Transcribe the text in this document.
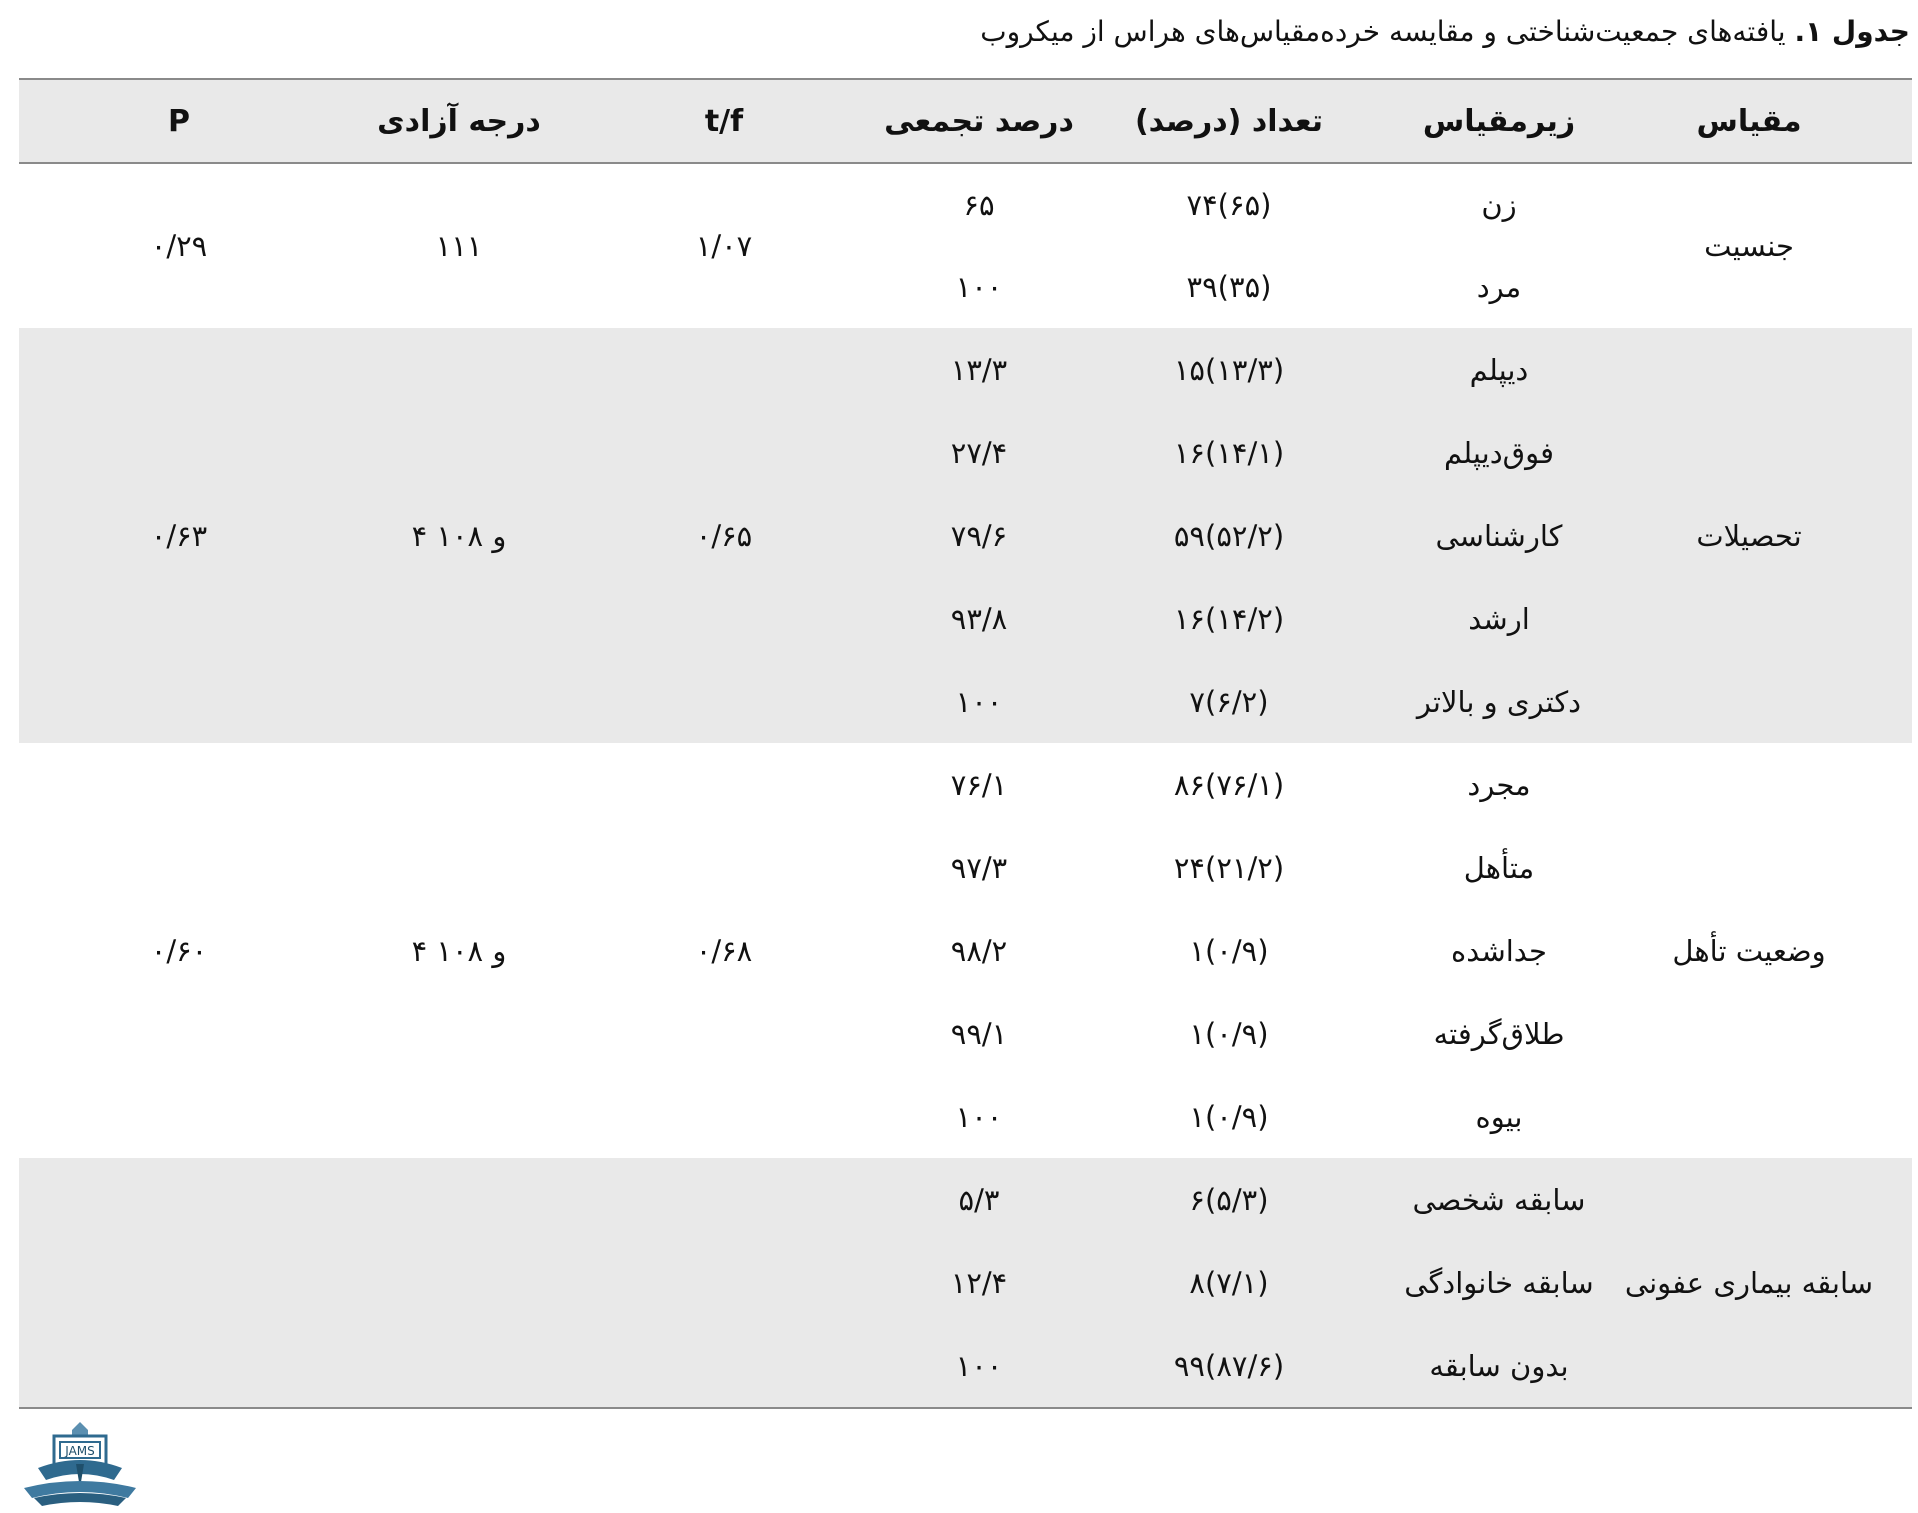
جدول ۱. یافته‌های جمعیت‌شناختی و مقایسه خرده‌مقیاس‌های هراس از میکروب
مقیاس
زیرمقیاس
تعداد (درصد)
درصد تجمعی
t/f
درجه آزادی
P
زن
۷۴(۶۵)
۶۵
مرد
۳۹(۳۵)
۱۰۰
جنسیت
۱/۰۷
۱۱۱
۰/۲۹
دیپلم
۱۵(۱۳/۳)
۱۳/۳
فوق‌دیپلم
۱۶(۱۴/۱)
۲۷/۴
کارشناسی
۵۹(۵۲/۲)
۷۹/۶
ارشد
۱۶(۱۴/۲)
۹۳/۸
دکتری و بالاتر
۷(۶/۲)
۱۰۰
تحصیلات
۰/۶۵
۴ و ۱۰۸
۰/۶۳
مجرد
۸۶(۷۶/۱)
۷۶/۱
متأهل
۲۴(۲۱/۲)
۹۷/۳
جداشده
۱(۰/۹)
۹۸/۲
طلاق‌گرفته
۱(۰/۹)
۹۹/۱
بیوه
۱(۰/۹)
۱۰۰
وضعیت تأهل
۰/۶۸
۴ و ۱۰۸
۰/۶۰
سابقه شخصی
۶(۵/۳)
۵/۳
سابقه خانوادگی
۸(۷/۱)
۱۲/۴
بدون سابقه
۹۹(۸۷/۶)
۱۰۰
سابقه بیماری عفونی
JAMS
